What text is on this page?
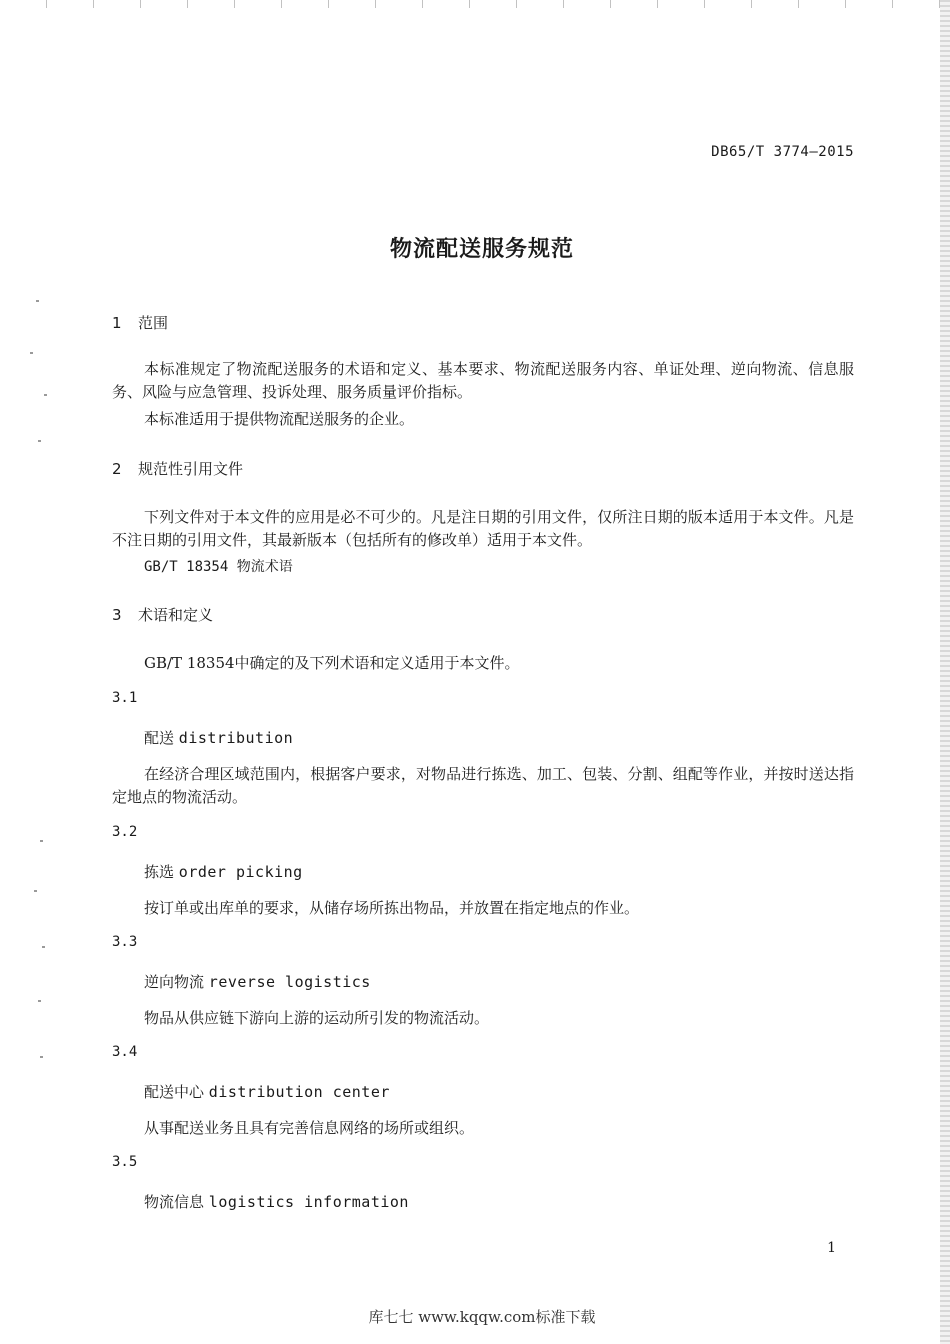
DB65/T 3774—2015
物流配送服务规范
1 范围
本标准规定了物流配送服务的术语和定义、基本要求、物流配送服务内容、单证处理、逆向物流、信息服务、风险与应急管理、投诉处理、服务质量评价指标。
本标准适用于提供物流配送服务的企业。
2 规范性引用文件
下列文件对于本文件的应用是必不可少的。凡是注日期的引用文件，仅所注日期的版本适用于本文件。凡是不注日期的引用文件，其最新版本（包括所有的修改单）适用于本文件。
GB/T 18354 物流术语
3 术语和定义
GB/T 18354中确定的及下列术语和定义适用于本文件。
3.1
配送 distribution
在经济合理区域范围内，根据客户要求，对物品进行拣选、加工、包装、分割、组配等作业，并按时送达指定地点的物流活动。
3.2
拣选 order picking
按订单或出库单的要求，从储存场所拣出物品，并放置在指定地点的作业。
3.3
逆向物流 reverse logistics
物品从供应链下游向上游的运动所引发的物流活动。
3.4
配送中心 distribution center
从事配送业务且具有完善信息网络的场所或组织。
3.5
物流信息 logistics information
1
库七七 www.kqqw.com标准下载
